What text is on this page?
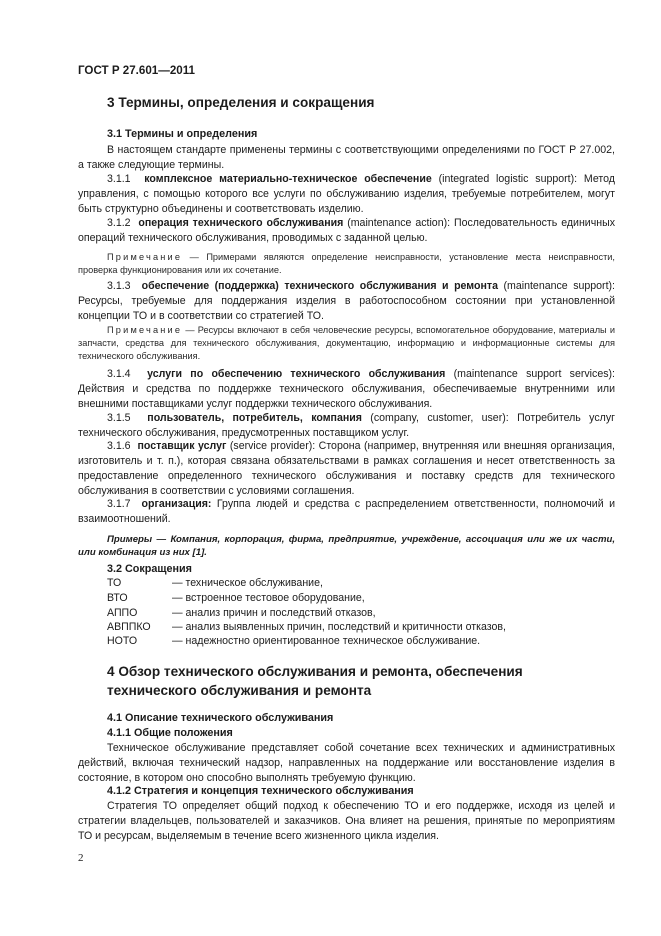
ГОСТ Р 27.601—2011
3 Термины, определения и сокращения
3.1 Термины и определения
В настоящем стандарте применены термины с соответствующими определениями по ГОСТ Р 27.002, а также следующие термины.
3.1.1 комплексное материально-техническое обеспечение (integrated logistic support): Метод управления, с помощью которого все услуги по обслуживанию изделия, требуемые потребителем, могут быть структурно объединены и соответствовать изделию.
3.1.2 операция технического обслуживания (maintenance action): Последовательность единичных операций технического обслуживания, проводимых с заданной целью.
Примечание — Примерами являются определение неисправности, установление места неисправности, проверка функционирования или их сочетание.
3.1.3 обеспечение (поддержка) технического обслуживания и ремонта (maintenance support): Ресурсы, требуемые для поддержания изделия в работоспособном состоянии при установленной концепции ТО и в соответствии со стратегией ТО.
Примечание — Ресурсы включают в себя человеческие ресурсы, вспомогательное оборудование, материалы и запчасти, средства для технического обслуживания, документацию, информацию и информационные системы для технического обслуживания.
3.1.4 услуги по обеспечению технического обслуживания (maintenance support services): Действия и средства по поддержке технического обслуживания, обеспечиваемые внутренними или внешними поставщиками услуг поддержки технического обслуживания.
3.1.5 пользователь, потребитель, компания (company, customer, user): Потребитель услуг технического обслуживания, предусмотренных поставщиком услуг.
3.1.6 поставщик услуг (service provider): Сторона (например, внутренняя или внешняя организация, изготовитель и т. п.), которая связана обязательствами в рамках соглашения и несет ответственность за предоставление определенного технического обслуживания и поставку средств для технического обслуживания в соответствии с условиями соглашения.
3.1.7 организация: Группа людей и средства с распределением ответственности, полномочий и взаимоотношений.
Примеры — Компания, корпорация, фирма, предприятие, учреждение, ассоциация или же их части, или комбинация из них [1].
3.2 Сокращения
ТО	— техническое обслуживание,
ВТО	— встроенное тестовое оборудование,
АППО	— анализ причин и последствий отказов,
АВППКО — анализ выявленных причин, последствий и критичности отказов,
НОТО	— надежностно ориентированное техническое обслуживание.
4 Обзор технического обслуживания и ремонта, обеспечения технического обслуживания и ремонта
4.1 Описание технического обслуживания
4.1.1 Общие положения
Техническое обслуживание представляет собой сочетание всех технических и административных действий, включая технический надзор, направленных на поддержание или восстановление изделия в состояние, в котором оно способно выполнять требуемую функцию.
4.1.2 Стратегия и концепция технического обслуживания
Стратегия ТО определяет общий подход к обеспечению ТО и его поддержке, исходя из целей и стратегии владельцев, пользователей и заказчиков. Она влияет на решения, принятые по мероприятиям ТО и ресурсам, выделяемым в течение всего жизненного цикла изделия.
2
